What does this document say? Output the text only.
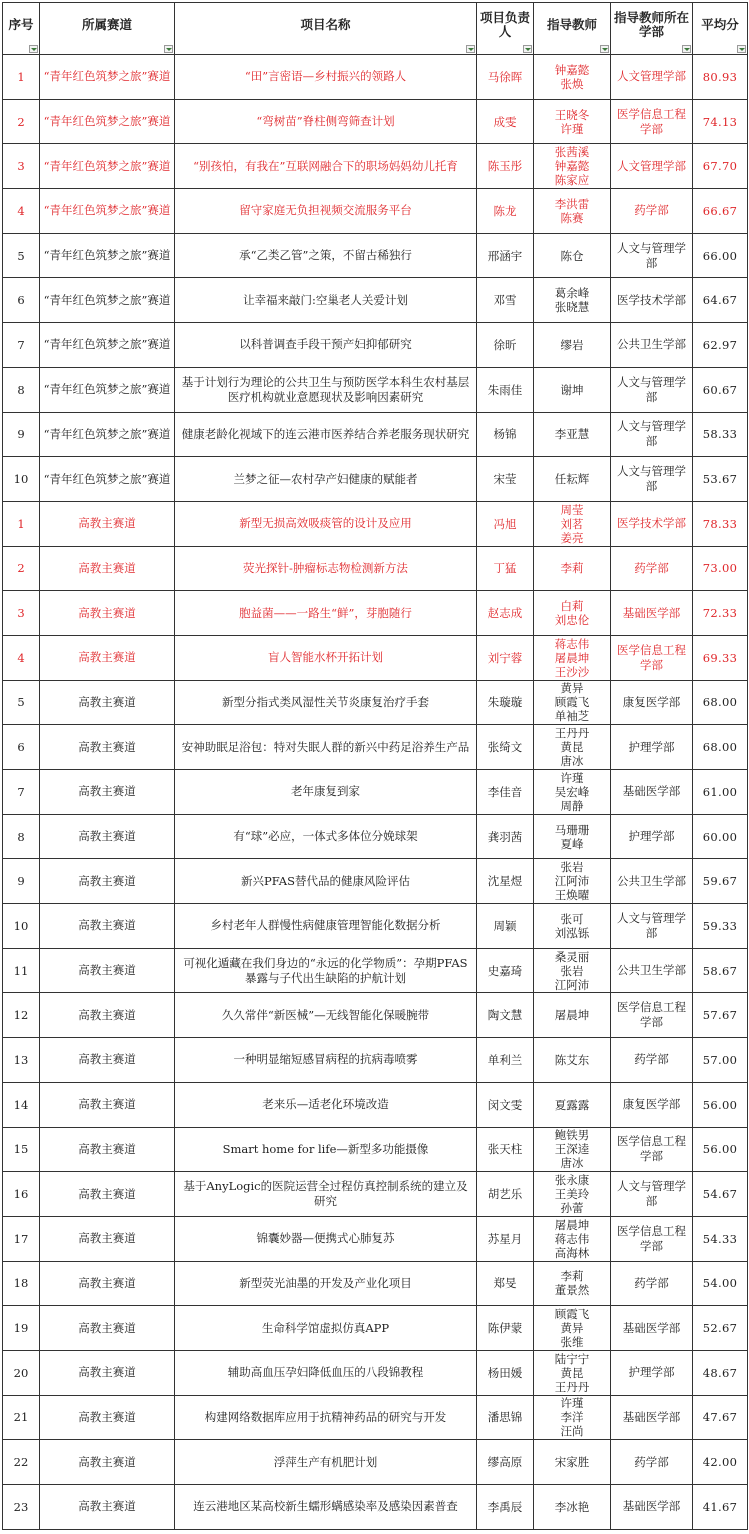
序号	所属赛道	项目名称	项目负责人	指导教师	指导教师所在学部	平均分

1	“青年红色筑梦之旅”赛道	“田”言密语—乡村振兴的领路人	马徐晖	钟嘉懿
张焕	人文管理学部	80.93
2	“青年红色筑梦之旅”赛道	“弯树苗”脊柱侧弯筛查计划	成雯	王晓冬
许瑾	医学信息工程学部	74.13
3	“青年红色筑梦之旅”赛道	“别孩怕，有我在”互联网融合下的职场妈妈幼儿托育	陈玉彤	张茜溪
钟嘉懿
陈家应	人文管理学部	67.70
4	“青年红色筑梦之旅”赛道	留守家庭无负担视频交流服务平台	陈龙	李洪雷
陈赛	药学部	66.67
5	“青年红色筑梦之旅”赛道	承“乙类乙管”之策，不留古稀独行	邢涵宇	陈仓	人文与管理学部	66.00
6	“青年红色筑梦之旅”赛道	让幸福来敲门:空巢老人关爱计划	邓雪	葛余峰
张晓慧	医学技术学部	64.67
7	“青年红色筑梦之旅”赛道	以科普调查手段干预产妇抑郁研究	徐昕	缪岩	公共卫生学部	62.97
8	“青年红色筑梦之旅”赛道	基于计划行为理论的公共卫生与预防医学本科生农村基层医疗机构就业意愿现状及影响因素研究	朱雨佳	谢坤	人文与管理学部	60.67
9	“青年红色筑梦之旅”赛道	健康老龄化视域下的连云港市医养结合养老服务现状研究	杨锦	李亚慧	人文与管理学部	58.33
10	“青年红色筑梦之旅”赛道	兰梦之征—农村孕产妇健康的赋能者	宋莹	任耘辉	人文与管理学部	53.67
1	高教主赛道	新型无损高效吸痰管的设计及应用	冯旭	周莹
刘茗
姜亮	医学技术学部	78.33
2	高教主赛道	荧光探针-肿瘤标志物检测新方法	丁猛	李莉	药学部	73.00
3	高教主赛道	胞益菌——一路生“鲜”，芽胞随行	赵志成	白莉
刘忠伦	基础医学部	72.33
4	高教主赛道	盲人智能水杯开拓计划	刘宁蓉	蒋志伟
屠晨坤
王沙沙	医学信息工程学部	69.33
5	高教主赛道	新型分指式类风湿性关节炎康复治疗手套	朱璇璇	黄异
顾霞飞
单袖芝	康复医学部	68.00
6	高教主赛道	安神助眠足浴包：特对失眠人群的新兴中药足浴养生产品	张绮文	王丹丹
黄昆
唐冰	护理学部	68.00
7	高教主赛道	老年康复到家	李佳音	许瑾
吴宏峰
周静	基础医学部	61.00
8	高教主赛道	有“球”必应，一体式多体位分娩球架	龚羽茜	马珊珊
夏峰	护理学部	60.00
9	高教主赛道	新兴PFAS替代品的健康风险评估	沈星煜	张岩
江阿沛
王焕曜	公共卫生学部	59.67
10	高教主赛道	乡村老年人群慢性病健康管理智能化数据分析	周颖	张可
刘泓铄	人文与管理学部	59.33
11	高教主赛道	可视化遁藏在我们身边的“永远的化学物质”：孕期PFAS暴露与子代出生缺陷的护航计划	史嘉琦	桑灵丽
张岩
江阿沛	公共卫生学部	58.67
12	高教主赛道	久久常伴“新医械”—无线智能化保暖腕带	陶文慧	屠晨坤	医学信息工程学部	57.67
13	高教主赛道	一种明显缩短感冒病程的抗病毒喷雾	单利兰	陈艾东	药学部	57.00
14	高教主赛道	老来乐—适老化环境改造	闵文雯	夏露露	康复医学部	56.00
15	高教主赛道	Smart home for life—新型多功能摄像	张天柱	鲍铁男
王深逵
唐冰	医学信息工程学部	56.00
16	高教主赛道	基于AnyLogic的医院运营全过程仿真控制系统的建立及研究	胡艺乐	张永康
王美玲
孙蕾	人文与管理学部	54.67
17	高教主赛道	锦囊妙器—便携式心肺复苏	苏星月	屠晨坤
蒋志伟
高海林	医学信息工程学部	54.33
18	高教主赛道	新型荧光油墨的开发及产业化项目	郑旻	李莉
董景然	药学部	54.00
19	高教主赛道	生命科学馆虚拟仿真APP	陈伊蒙	顾霞飞
黄异
张维	基础医学部	52.67
20	高教主赛道	辅助高血压孕妇降低血压的八段锦教程	杨田媛	陆宁宁
黄昆
王丹丹	护理学部	48.67
21	高教主赛道	构建网络数据库应用于抗精神药品的研究与开发	潘思锦	许瑾
李洋
汪尚	基础医学部	47.67
22	高教主赛道	浮萍生产有机肥计划	缪高原	宋家胜	药学部	42.00
23	高教主赛道	连云港地区某高校新生蠕形螨感染率及感染因素普查	李禹辰	李冰艳	基础医学部	41.67
